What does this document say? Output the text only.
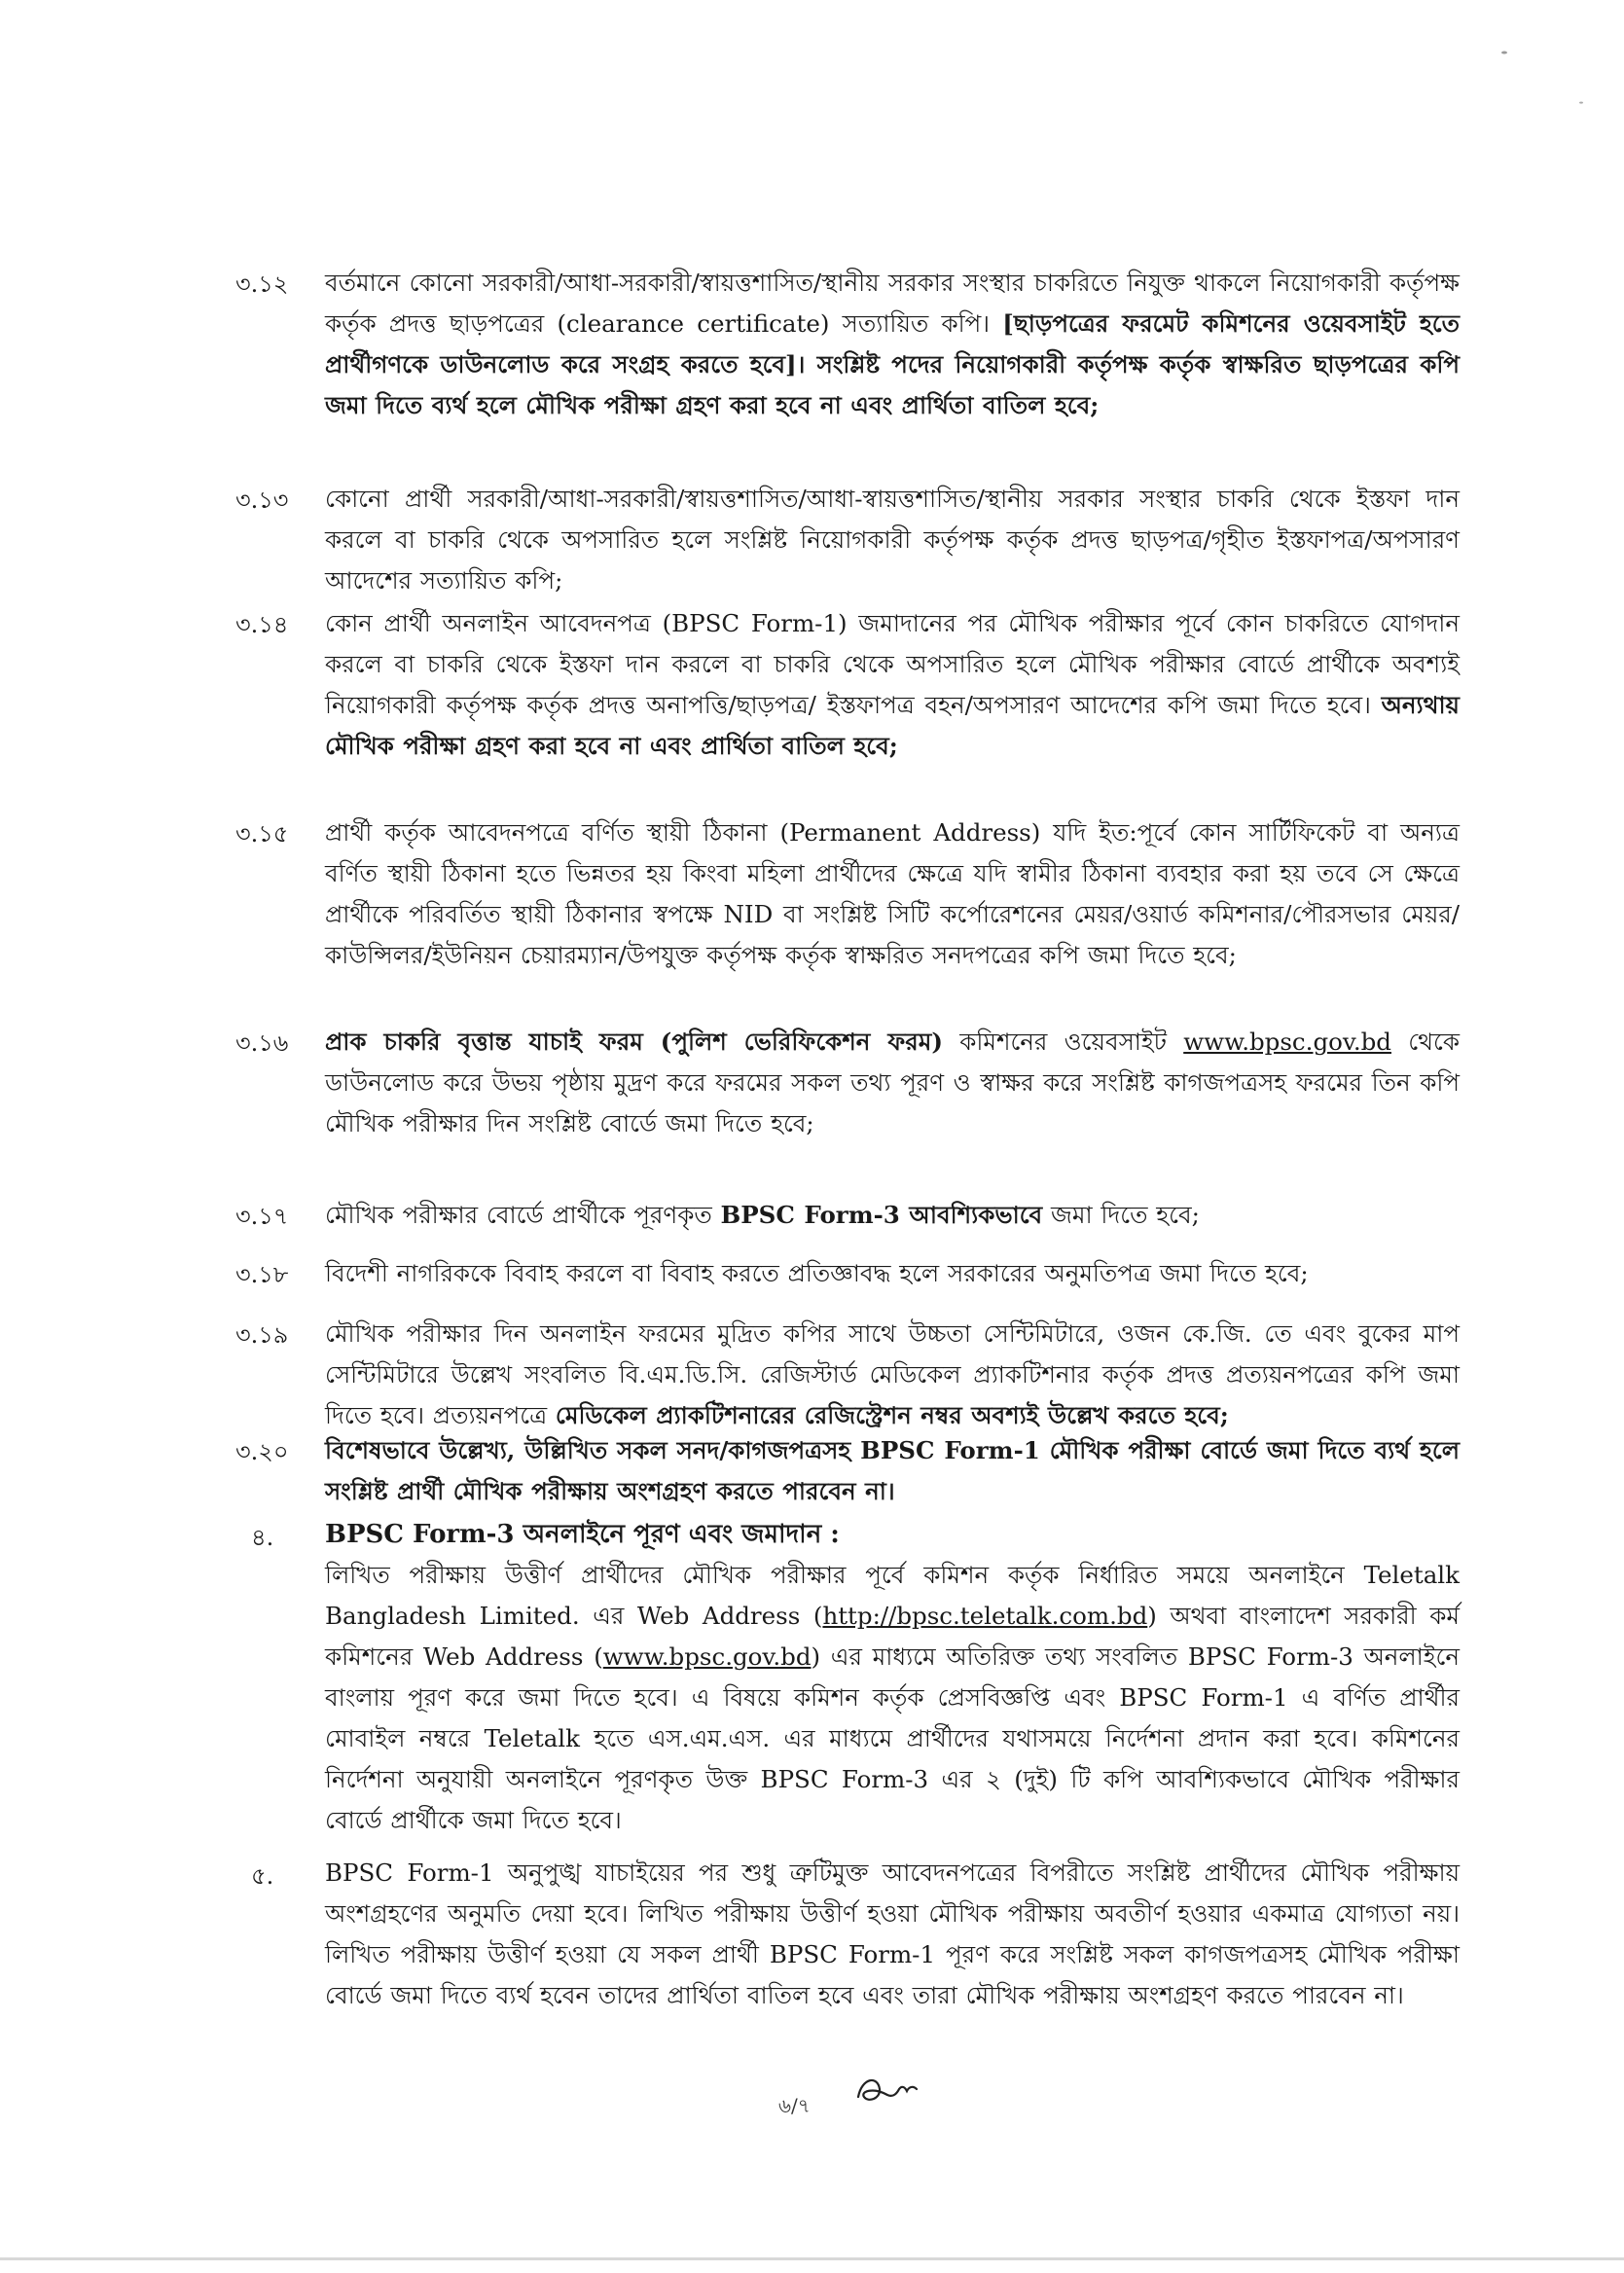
৩.১২	বর্তমানে কোনো সরকারী/আধা-সরকারী/স্বায়ত্তশাসিত/স্থানীয় সরকার সংস্থার চাকরিতে নিযুক্ত থাকলে নিয়োগকারী কর্তৃপক্ষ কর্তৃক প্রদত্ত ছাড়পত্রের (clearance certificate) সত্যায়িত কপি। [ছাড়পত্রের ফরমেট কমিশনের ওয়েবসাইট হতে প্রার্থীগণকে ডাউনলোড করে সংগ্রহ করতে হবে]। সংশ্লিষ্ট পদের নিয়োগকারী কর্তৃপক্ষ কর্তৃক স্বাক্ষরিত ছাড়পত্রের কপি জমা দিতে ব্যর্থ হলে মৌখিক পরীক্ষা গ্রহণ করা হবে না এবং প্রার্থিতা বাতিল হবে;

৩.১৩	কোনো প্রার্থী সরকারী/আধা-সরকারী/স্বায়ত্তশাসিত/আধা-স্বায়ত্তশাসিত/স্থানীয় সরকার সংস্থার চাকরি থেকে ইস্তফা দান করলে বা চাকরি থেকে অপসারিত হলে সংশ্লিষ্ট নিয়োগকারী কর্তৃপক্ষ কর্তৃক প্রদত্ত ছাড়পত্র/গৃহীত ইস্তফাপত্র/অপসারণ আদেশের সত্যায়িত কপি;

৩.১৪	কোন প্রার্থী অনলাইন আবেদনপত্র (BPSC Form-1) জমাদানের পর মৌখিক পরীক্ষার পূর্বে কোন চাকরিতে যোগদান করলে বা চাকরি থেকে ইস্তফা দান করলে বা চাকরি থেকে অপসারিত হলে মৌখিক পরীক্ষার বোর্ডে প্রার্থীকে অবশ্যই নিয়োগকারী কর্তৃপক্ষ কর্তৃক প্রদত্ত অনাপত্তি/ছাড়পত্র/ ইস্তফাপত্র বহন/অপসারণ আদেশের কপি জমা দিতে হবে। অন্যথায় মৌখিক পরীক্ষা গ্রহণ করা হবে না এবং প্রার্থিতা বাতিল হবে;

৩.১৫	প্রার্থী কর্তৃক আবেদনপত্রে বর্ণিত স্থায়ী ঠিকানা (Permanent Address) যদি ইত:পূর্বে কোন সার্টিফিকেট বা অন্যত্র বর্ণিত স্থায়ী ঠিকানা হতে ভিন্নতর হয় কিংবা মহিলা প্রার্থীদের ক্ষেত্রে যদি স্বামীর ঠিকানা ব্যবহার করা হয় তবে সে ক্ষেত্রে প্রার্থীকে পরিবর্তিত স্থায়ী ঠিকানার স্বপক্ষে NID বা সংশ্লিষ্ট সিটি কর্পোরেশনের মেয়র/ওয়ার্ড কমিশনার/পৌরসভার মেয়র/কাউন্সিলর/ইউনিয়ন চেয়ারম্যান/উপযুক্ত কর্তৃপক্ষ কর্তৃক স্বাক্ষরিত সনদপত্রের কপি জমা দিতে হবে;

৩.১৬	প্রাক চাকরি বৃত্তান্ত যাচাই ফরম (পুলিশ ভেরিফিকেশন ফরম) কমিশনের ওয়েবসাইট www.bpsc.gov.bd থেকে ডাউনলোড করে উভয় পৃষ্ঠায় মুদ্রণ করে ফরমের সকল তথ্য পূরণ ও স্বাক্ষর করে সংশ্লিষ্ট কাগজপত্রসহ ফরমের তিন কপি মৌখিক পরীক্ষার দিন সংশ্লিষ্ট বোর্ডে জমা দিতে হবে;

৩.১৭	মৌখিক পরীক্ষার বোর্ডে প্রার্থীকে পূরণকৃত BPSC Form-3 আবশ্যিকভাবে জমা দিতে হবে;

৩.১৮	বিদেশী নাগরিককে বিবাহ করলে বা বিবাহ করতে প্রতিজ্ঞাবদ্ধ হলে সরকারের অনুমতিপত্র জমা দিতে হবে;

৩.১৯	মৌখিক পরীক্ষার দিন অনলাইন ফরমের মুদ্রিত কপির সাথে উচ্চতা সেন্টিমিটারে, ওজন কে.জি. তে এবং বুকের মাপ সেন্টিমিটারে উল্লেখ সংবলিত বি.এম.ডি.সি. রেজিস্টার্ড মেডিকেল প্র্যাকটিশনার কর্তৃক প্রদত্ত প্রত্যয়নপত্রের কপি জমা দিতে হবে। প্রত্যয়নপত্রে মেডিকেল প্র্যাকটিশনারের রেজিস্ট্রেশন নম্বর অবশ্যই উল্লেখ করতে হবে;

৩.২০	বিশেষভাবে উল্লেখ্য, উল্লিখিত সকল সনদ/কাগজপত্রসহ BPSC Form-1 মৌখিক পরীক্ষা বোর্ডে জমা দিতে ব্যর্থ হলে সংশ্লিষ্ট প্রার্থী মৌখিক পরীক্ষায় অংশগ্রহণ করতে পারবেন না।

৪. BPSC Form-3 অনলাইনে পূরণ এবং জমাদান :

লিখিত পরীক্ষায় উত্তীর্ণ প্রার্থীদের মৌখিক পরীক্ষার পূর্বে কমিশন কর্তৃক নির্ধারিত সময়ে অনলাইনে Teletalk Bangladesh Limited. এর Web Address (http://bpsc.teletalk.com.bd) অথবা বাংলাদেশ সরকারী কর্ম কমিশনের Web Address (www.bpsc.gov.bd) এর মাধ্যমে অতিরিক্ত তথ্য সংবলিত BPSC Form-3 অনলাইনে বাংলায় পূরণ করে জমা দিতে হবে। এ বিষয়ে কমিশন কর্তৃক প্রেসবিজ্ঞপ্তি এবং BPSC Form-1 এ বর্ণিত প্রার্থীর মোবাইল নম্বরে Teletalk হতে এস.এম.এস. এর মাধ্যমে প্রার্থীদের যথাসময়ে নির্দেশনা প্রদান করা হবে। কমিশনের নির্দেশনা অনুযায়ী অনলাইনে পূরণকৃত উক্ত BPSC Form-3 এর ২ (দুই) টি কপি আবশ্যিকভাবে মৌখিক পরীক্ষার বোর্ডে প্রার্থীকে জমা দিতে হবে।

৫. BPSC Form-1 অনুপুঙ্খ যাচাইয়ের পর শুধু ত্রুটিমুক্ত আবেদনপত্রের বিপরীতে সংশ্লিষ্ট প্রার্থীদের মৌখিক পরীক্ষায় অংশগ্রহণের অনুমতি দেয়া হবে। লিখিত পরীক্ষায় উত্তীর্ণ হওয়া মৌখিক পরীক্ষায় অবতীর্ণ হওয়ার একমাত্র যোগ্যতা নয়। লিখিত পরীক্ষায় উত্তীর্ণ হওয়া যে সকল প্রার্থী BPSC Form-1 পূরণ করে সংশ্লিষ্ট সকল কাগজপত্রসহ মৌখিক পরীক্ষা বোর্ডে জমা দিতে ব্যর্থ হবেন তাদের প্রার্থিতা বাতিল হবে এবং তারা মৌখিক পরীক্ষায় অংশগ্রহণ করতে পারবেন না।

৬/৭
